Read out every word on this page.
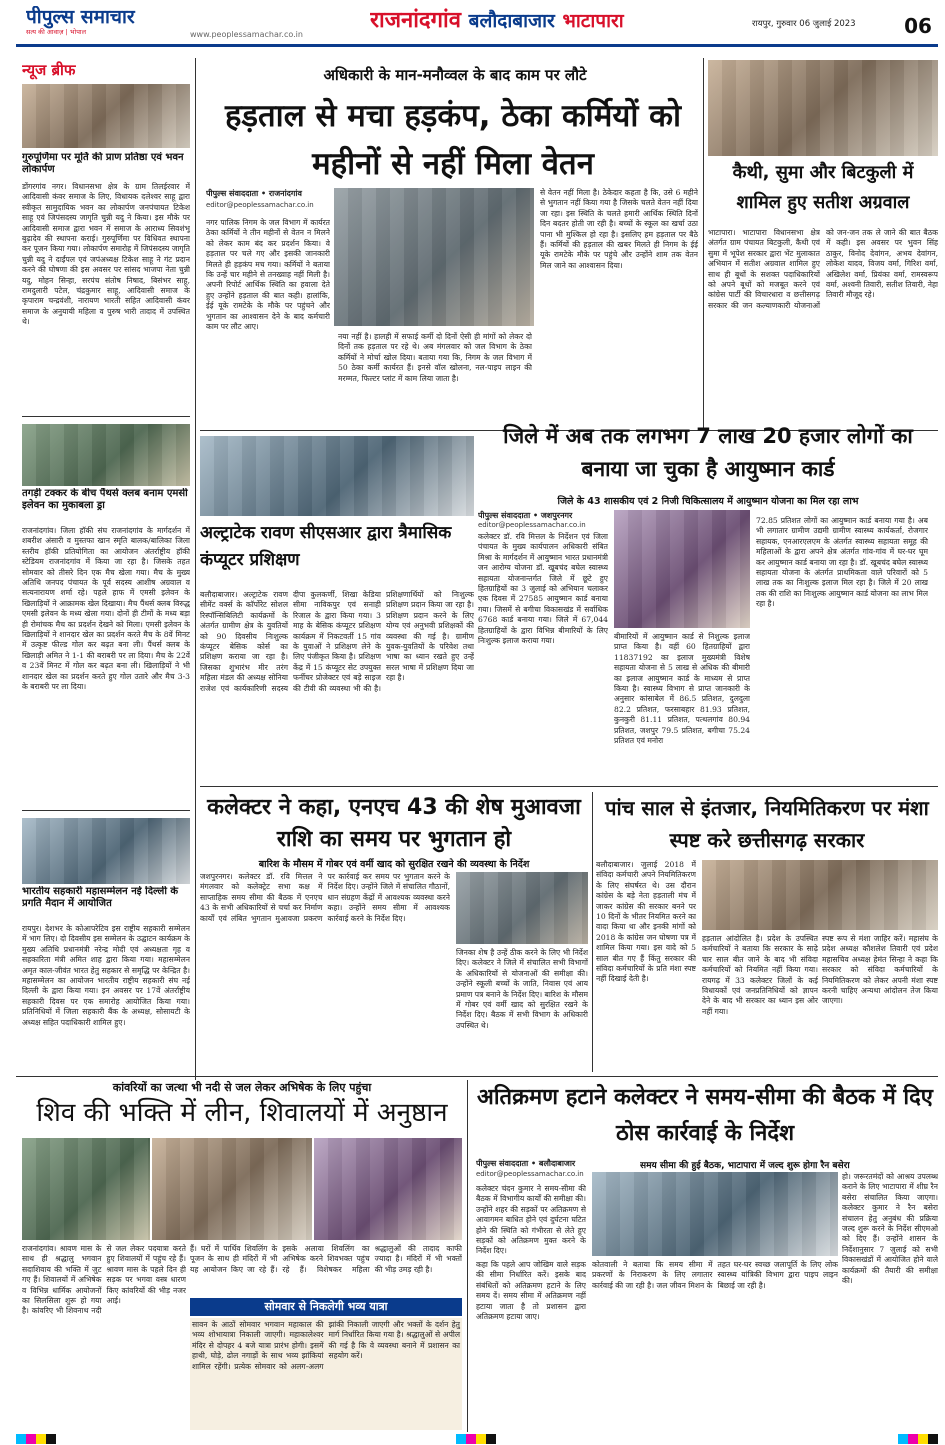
पीपुल्स समाचार
सत्य की आवाज़ | भोपाल	www.peoplessamachar.co.in
राजनांदगांव बलौदाबाजार भाटापारा	रायपुर, गुरुवार 06 जुलाई 2023	06
न्यूज ब्रीफ
गुरुपूर्णिमा पर मूर्ति की प्राण प्रतिष्ठा एवं भवन लोकार्पण
डोंगरगांव नगर। विधानसभा क्षेत्र के ग्राम तिलईरवार में आदिवासी कंवर समाज के लिए, विधायक दलेश्वर साहू द्वारा स्वीकृत सामुदायिक भवन का लोकार्पण जनपंचायत टिकेश साहू एवं जिपंसदस्य जागृति चुन्नी यदु ने किया। इस मौके पर आदिवासी समाज द्वारा भवन में समाज के आराध्य सिवशंभू बुढ़ादेव की स्थापना कराई। गुरुपूर्णिमा पर विधिवत स्थापना कर पूजन किया गया। लोकार्पण समारोह में जिपंसदस्य जागृति चुन्नी यदु ने दाईंपल एवं जपंअध्यक्ष टिकेश साहू ने गंट प्रदान करने की घोषणा की इस अवसर पर सांसद भाजपा नेता चुन्नी यदु, मोहन सिन्हा, सरपंच संतोष निषाद, बिसंभर साहू, रामदुलारी पटेल, चंद्रकुमार साहू, आदिवासी समाज के कृपाराम चन्द्रवंशी, नारायण भारती सहित आदिवासी कंवर समाज के अनुयायी महिला व पुरुष भारी तादाद में उपस्थित थे।
तगड़ी टक्कर के बीच पैंथर्स क्लब बनाम एमसी इलेवन का मुकाबला ड्रा
राजनांदगांव। जिला हॉकी संघ राजनांदगांव के मार्गदर्शन में शबरीश अंसारी व मुस्तफा खान स्मृति बालक/बालिका जिला स्तरीय हॉकी प्रतियोगिता का आयोजन अंतर्राष्ट्रीय हॉकी स्टेडियम राजनांदगांव में किया जा रहा है। जिसके तहत सोमवार को तीसरे दिन एक मैच खेला गया। मैच के मुख्य अतिथि जनपद पंचायत के पूर्व सदस्य आशीष अग्रवाल व सत्यनारायण शर्मा रहे। पहले हाफ में एमसी इलेवन के खिलाड़ियों ने आक्रामक खेल दिखाया। मैच पैंथर्स क्लब विरुद्ध एमसी इलेवन के मध्य खेला गया। दोनों ही टीमों के मध्य बड़ा ही रोमांचक मैच का प्रदर्शन देखने को मिला। एमसी इलेवन के खिलाड़ियों ने शानदार खेल का प्रदर्शन करते मैच के 8वें मिनट में उत्कृष्ट फील्ड गोल कर बढ़त बना ली। पैंथर्स क्लब के खिलाड़ी अमित ने 1-1 की बराबरी पर ला दिया। मैच के 22वें व 23वें मिनट में गोल कर बढ़त बना ली। खिलाड़ियों ने भी शानदार खेल का प्रदर्शन करते हुए गोल उतारे और मैच 3-3 के बराबरी पर ला दिया।
भारतीय सहकारी महासम्मेलन नई दिल्ली के प्रगति मैदान में आयोजित
रायपुर। देशभर के कोआपरेटिव इस राष्ट्रीय सहकारी सम्मेलन में भाग लिए। दो दिवसीय इस सम्मेलन के उद्घाटन कार्यक्रम के मुख्य अतिथि प्रधानमंत्री नरेन्द्र मोदी एवं अध्यक्षता गृह व सहकारिता मंत्री अमित शाह द्वारा किया गया। महासम्मेलन अमृत काल-जीवंत भारत हेतु सहकार से समृद्धि पर केन्द्रित है। महासम्मेलन का आयोजन भारतीय राष्ट्रीय सहकारी संघ नई दिल्ली के द्वारा किया गया। इन अवसर पर 17वें अंतर्राष्ट्रीय सहकारी दिवस पर एक समारोह आयोजित किया गया। प्रतिनिधियों में जिला सहकारी बैंक के अध्यक्ष, सोसायटी के अध्यक्ष सहित पदाधिकारी शामिल हुए।
अधिकारी के मान-मनौव्वल के बाद काम पर लौटे
हड़ताल से मचा हड़कंप, ठेका कर्मियों को महीनों से नहीं मिला वेतन
पीपुल्स संवाददाता • राजनांदगांव
editor@peoplessamachar.co.in
नगर पालिक निगम के जल विभाग में कार्यरत ठेका कर्मियों ने तीन महीनों से वेतन न मिलने को लेकर काम बंद कर प्रदर्शन किया। वे हड़ताल पर चले गए और इसकी जानकारी मिलते ही हड़कंप मच गया। कर्मियों ने बताया कि उन्हें चार महीने से तनख्वाह नहीं मिली है। अपनी रिपोर्ट आर्थिक स्थिति का हवाला देते हुए उन्होंने हड़ताल की बात कही। हालांकि, ईई यूके रामटेके के मौके पर पहुंचने और भुगतान का आश्वासन देने के बाद कर्मचारी काम पर लौट आए।
नया नहीं है। हालही में सफाई कर्मी दो दिनों ऐसी ही मांगों को लेकर दो दिनों तक हड़ताल पर रहे थे। अब मंगलवार को जल विभाग के ठेका कर्मियों ने मोर्चा खोल दिया। बताया गया कि, निगम के जल विभाग में 50 ठेका कर्मी कार्यरत हैं। इनसे वॉल खोलना, नल-पाइप लाइन की मरम्मत, फिल्टर प्लांट में काम लिया जाता है।
से वेतन नहीं मिला है। ठेकेदार कहता है कि, उसे 6 महीने से भुगतान नहीं किया गया है जिसके चलते वेतन नहीं दिया जा रहा। इस स्थिति के चलते हमारी आर्थिक स्थिति दिनों दिन बदतर होती जा रही है। बच्चों के स्कूल का खर्चा उठा पाना भी मुश्किल हो रहा है। इसलिए हम हड़ताल पर बैठे हैं। कर्मियों की हड़ताल की खबर मिलते ही निगम के ईई यूके रामटेके मौके पर पहुंचे और उन्होंने शाम तक वेतन मिल जाने का आश्वासन दिया।
कैथी, सुमा और बिटकुली में शामिल हुए सतीश अग्रवाल
भाटापारा। भाटापारा विधानसभा क्षेत्र अंतर्गत ग्राम पंचायत बिटकुली, कैथी एवं सुमा में भूपेश सरकार द्वारा भेंट मुलाकात अभियान में सतीश अग्रवाल शामिल हुए साथ ही बूथों के सशक्त पदाधिकारियों को अपने बूथों को मजबूत करने एवं कांग्रेस पार्टी की विचारधारा व छत्तीसगढ़ सरकार की जन कल्याणकारी योजनाओं को जन-जन तक ले जाने की बात बैठक में कही। इस अवसर पर भुवन सिंह ठाकुर, विनोद देवांगन, अभय देवांगन, लोकेश यादव, विजय वर्मा, गिरिश वर्मा, अखिलेश वर्मा, प्रियंका वर्मा, रामस्वरूप वर्मा, अश्वनी तिवारी, सतीश तिवारी, नेहा तिवारी मौजूद रहे।
जिले में अब तक लगभग 7 लाख 20 हजार लोगों का बनाया जा चुका है आयुष्मान कार्ड
जिले के 43 शासकीय एवं 2 निजी चिकित्सालय में आयुष्मान योजना का मिल रहा लाभ
पीपुल्स संवाददाता • जशपुरनगर
editor@peoplessamachar.co.in
कलेक्टर डॉ. रवि मित्तल के निर्देशन एवं जिला पंचायत के मुख्य कार्यपालन अधिकारी संबित मिश्रा के मार्गदर्शन में आयुष्मान भारत प्रधानमंत्री जन आरोग्य योजना डॉ. खूबचंद बघेल स्वास्थ्य सहायता योजनान्तर्गत जिले में छूटे हुए हितग्राहियों का 3 जुलाई को अभियान चलाकर एक दिवस में 27585 आयुष्मान कार्ड बनाया गया। जिसमें से बगीचा विकासखंड में सर्वाधिक 6768 कार्ड बनाया गया। जिले में 67,044 हितग्राहियों के द्वारा विभिन्न बीमारियों के लिए निःशुल्क इलाज कराया गया।	बीमारियों में आयुष्मान कार्ड से निशुल्क इलाज प्राप्त किया है। वहीं 60 हितग्राहियों द्वारा 11837192 का इलाज मुख्यमंत्री विशेष सहायता योजना से 5 लाख से अधिक की बीमारी का इलाज आयुष्मान कार्ड के माध्यम से प्राप्त किया है। स्वास्थ्य विभाग से प्राप्त जानकारी के अनुसार कांसाबेल में 86.5 प्रतिशत, दुलदुला 82.2 प्रतिशत, फरसाबहार 81.93 प्रतिशत, कुनकुरी 81.11 प्रतिशत, पत्थलगांव 80.94 प्रतिशत, जशपुर 79.5 प्रतिशत, बगीचा 75.24 प्रतिशत एवं मनोरा
72.85 प्रतिशत लोगों का आयुष्मान कार्ड बनाया गया है। अब भी लगातार ग्रामीण उद्यमी ग्रामीण स्वास्थ्य कार्यकर्ता, रोजगार सहायक, एनआरएलएम के अंतर्गत स्वास्थ्य सहायता समूह की महिलाओं के द्वारा अपने क्षेत्र अंतर्गत गांव-गांव में घर-घर घूम कर आयुष्मान कार्ड बनाया जा रहा है। डॉ. खूबचंद बघेल स्वास्थ्य सहायता योजना के अंतर्गत प्राथमिकता वाले परिवारों को 5 लाख तक का निःशुल्क इलाज मिल रहा है। जिले में 20 लाख तक की राशि का निःशुल्क आयुष्मान कार्ड योजना का लाभ मिल रहा है।
अल्ट्राटेक रावण सीएसआर द्वारा त्रैमासिक कंप्यूटर प्रशिक्षण
बलौदाबाजार। अल्ट्राटेक रावण सीमेंट वर्क्स के कॉर्पोरेट सोशल रिस्पॉन्सिबिलिटी कार्यक्रमों के अंतर्गत ग्रामीण क्षेत्र के युवतियों को 90 दिवसीय निःशुल्क कंप्यूटर बेसिक कोर्स का प्रशिक्षण कराया जा रहा है। जिसका शुभारंभ मीर तरंग महिला मंडल की अध्यक्ष सोनिया राजेश एवं कार्यकारिणी सदस्य दीपा कुलकर्णी, शिखा केडिया सीमा नाविकपुर एवं सनाही रिजाल के द्वारा किया गया। 3 माह के बेसिक कंप्यूटर प्रशिक्षण कार्यक्रम में निकटवर्ती 15 गांव के युवाओं ने प्रशिक्षण लेने के लिए पंजीकृत किया है। प्रशिक्षण केंद्र में 15 कंप्यूटर सेट उपयुक्त फर्नीचर प्रोजेक्टर एवं बड़े साइज की टीवी की व्यवस्था भी की है। प्रशिक्षणार्थियों को निःशुल्क प्रशिक्षण प्रदान किया जा रहा है। प्रशिक्षण प्रदान करने के लिए योग्य एवं अनुभवी प्रशिक्षकों की व्यवस्था की गई है। ग्रामीण युवक-युवतियों के परिवेश तथा भाषा का ध्यान रखते हुए उन्हें सरल भाषा में प्रशिक्षण दिया जा रहा है।
कलेक्टर ने कहा, एनएच 43 की शेष मुआवजा राशि का समय पर भुगतान हो
बारिश के मौसम में गोबर एवं वर्मी खाद को सुरक्षित रखने की व्यवस्था के निर्देश
जशपुरनगर। कलेक्टर डॉ. रवि मित्तल ने मंगलवार को कलेक्ट्रेट सभा कक्ष में साप्ताहिक समय सीमा की बैठक में एनएच 43 के सभी अधिकारियों से चर्चा कर निर्माण कार्यों एवं लंबित भुगतान मुआवजा प्रकरण पर कार्रवाई कर समय पर भुगतान करने के निर्देश दिए। उन्होंने जिले में संचालित गौठानों, धान संग्रहण केंद्रों में आवश्यक व्यवस्था करने कहा। उन्होंने समय सीमा में आवश्यक कार्रवाई करने के निर्देश दिए।
जिनका शेष है उन्हें ठीक करने के लिए भी निर्देश दिए। कलेक्टर ने जिले में संचालित सभी विभागों के अधिकारियों से योजनाओं की समीक्षा की। उन्होंने स्कूली बच्चों के जाति, निवास एवं आय प्रमाण पत्र बनाने के निर्देश दिए। बारिश के मौसम में गोबर एवं वर्मी खाद को सुरक्षित रखने के निर्देश दिए। बैठक में सभी विभाग के अधिकारी उपस्थित थे।
पांच साल से इंतजार, नियमितिकरण पर मंशा स्पष्ट करे छत्तीसगढ़ सरकार
बलौदाबाजार। जुलाई 2018 में संविदा कर्मचारी अपने नियमितिकरण के लिए संघर्षरत थे। उस दौरान कांग्रेस के बड़े नेता हड़ताली मंच में जाकर कांग्रेस की सरकार बनने पर 10 दिनों के भीतर नियमित करने का वादा किया था और इनकी मांगों को 2018 के कांग्रेस जन घोषणा पत्र में शामिल किया गया। इस वादे को 5 साल बीत गए हैं किंतु सरकार की संविदा कर्मचारियों के प्रति मंशा स्पष्ट नहीं दिखाई देती है।
हड़ताल आंदोलित है। प्रदेश के उपस्थित कर्मचारियों ने बताया कि सरकार के साढ़े चार साल बीत जाने के बाद भी संविदा कर्मचारियों को नियमित नहीं किया गया। रायगढ़ में 33 कलेक्टर जिलों के कई विधायकों एवं जनप्रतिनिधियों को ज्ञापन देने के बाद भी सरकार का ध्यान इस ओर नहीं गया।
स्पष्ट रूप से मंशा जाहिर करें। महासंघ के प्रदेश अध्यक्ष कौशलेश तिवारी एवं प्रदेश महासचिव अध्यक्ष हेमंत सिन्हा ने कहा कि सरकार को संविदा कर्मचारियों के नियमितिकरण को लेकर अपनी मंशा स्पष्ट करनी चाहिए अन्यथा आंदोलन तेज किया जाएगा।
कांवरियों का जत्था भी नदी से जल लेकर अभिषेक के लिए पहुंचा
शिव की भक्ति में लीन, शिवालयों में अनुष्ठान
राजनांदगांव। श्रावण मास के साथ ही श्रद्धालु भगवान सदाशिवाय की भक्ति में जुट गए हैं। शिवालयों में अभिषेक व विभिन्न धार्मिक आयोजनों का सिलसिला शुरू हो गया है। कांवरिए भी शिवनाथ नदी से जल लेकर पदयात्रा करते हुए शिवालयों में पहुंच रहे हैं। श्रावण मास के पहले दिन ही सड़क पर भगवा वस्त्र धारण किए कांवरियों की भीड़ नजर आई।
हैं। घरों में पार्थिव शिवलिंग के पूजन के साथ ही मंदिरों में भी यह आयोजन किए जा रहे हैं। इसके अलावा शिवलिंग का अभिषेक करने शिवभक्त पहुंच रहे हैं। विशेषकर महिला श्रद्धालुओं की तादाद काफी ज्यादा है। मंदिरों में भी भक्तों की भीड़ उमड़ रही है।
सोमवार से निकलेगी भव्य यात्रा
सावन के आठों सोमवार भगवान महाकाल की भव्य शोभायात्रा निकाली जाएगी। महाकालेश्वर मंदिर से दोपहर 4 बजे यात्रा प्रारंभ होगी। इसमें हाथी, घोड़े, ढोल नगाड़ों के साथ भव्य झांकियां शामिल रहेंगी। प्रत्येक सोमवार को अलग-अलग झांकी निकाली जाएगी और भक्तों के दर्शन हेतु मार्ग निर्धारित किया गया है। श्रद्धालुओं से अपील की गई है कि वे व्यवस्था बनाने में प्रशासन का सहयोग करें।
अतिक्रमण हटाने कलेक्टर ने समय-सीमा की बैठक में दिए ठोस कार्रवाई के निर्देश
पीपुल्स संवाददाता • बलौदाबाजार
editor@peoplessamachar.co.in
समय सीमा की हुई बैठक, भाटापारा में जल्द शुरू होगा रैन बसेरा
कलेक्टर चंदन कुमार ने समय-सीमा की बैठक में विभागीय कार्यों की समीक्षा की। उन्होंने शहर की सड़कों पर अतिक्रमण से आवागमन बाधित होने एवं दुर्घटना घटित होने की स्थिति को गंभीरता से लेते हुए सड़कों को अतिक्रमण मुक्त करने के निर्देश दिए।
कहा कि पहले आप जोखिम वाले सड़क की सीमा निर्धारित करें। इसके बाद संबंधितों को अतिक्रमण हटाने के लिए समय दें। समय सीमा में अतिक्रमण नहीं हटाया जाता है तो प्रशासन द्वारा अतिक्रमण हटाया जाए।
कोतवाली ने बताया कि समय सीमा में प्रकरणों के निराकरण के लिए लगातार कार्रवाई की जा रही है। जल जीवन मिशन के तहत घर-घर स्वच्छ जलापूर्ति के लिए लोक स्वास्थ्य यांत्रिकी विभाग द्वारा पाइप लाइन बिछाई जा रही है।
हो। जरूरतमंदों को आश्रय उपलब्ध कराने के लिए भाटापारा में शीघ्र रैन बसेरा संचालित किया जाएगा। कलेक्टर कुमार ने रैन बसेरा संचालन हेतु अनुबंध की प्रक्रिया जल्द शुरू करने के निर्देश सीएमओ को दिए हैं। उन्होंने शासन के निर्देशानुसार 7 जुलाई को सभी विकासखंडों में आयोजित होने वाले कार्यक्रमों की तैयारी की समीक्षा की।
